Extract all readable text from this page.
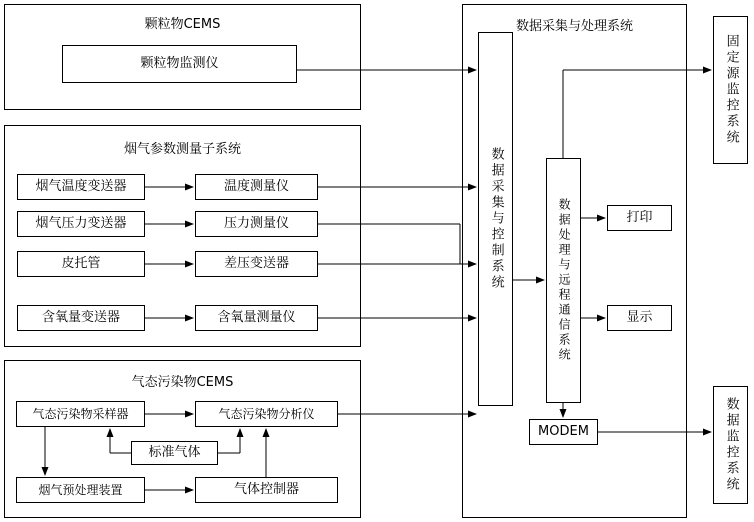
颗粒物CEMS
颗粒物监测仪
烟气参数测量子系统
烟气温度变送器	温度测量仪
烟气压力变送器	压力测量仪
皮托管	差压变送器
含氧量变送器	含氧量测量仪
气态污染物CEMS
气态污染物采样器	气态污染物分析仪
标准气体
烟气预处理装置	气体控制器
数据采集与处理系统
数据采集与控制系统	数据处理与远程通信系统	打印
显示
MODEM
固定源监控系统
数据监控系统
